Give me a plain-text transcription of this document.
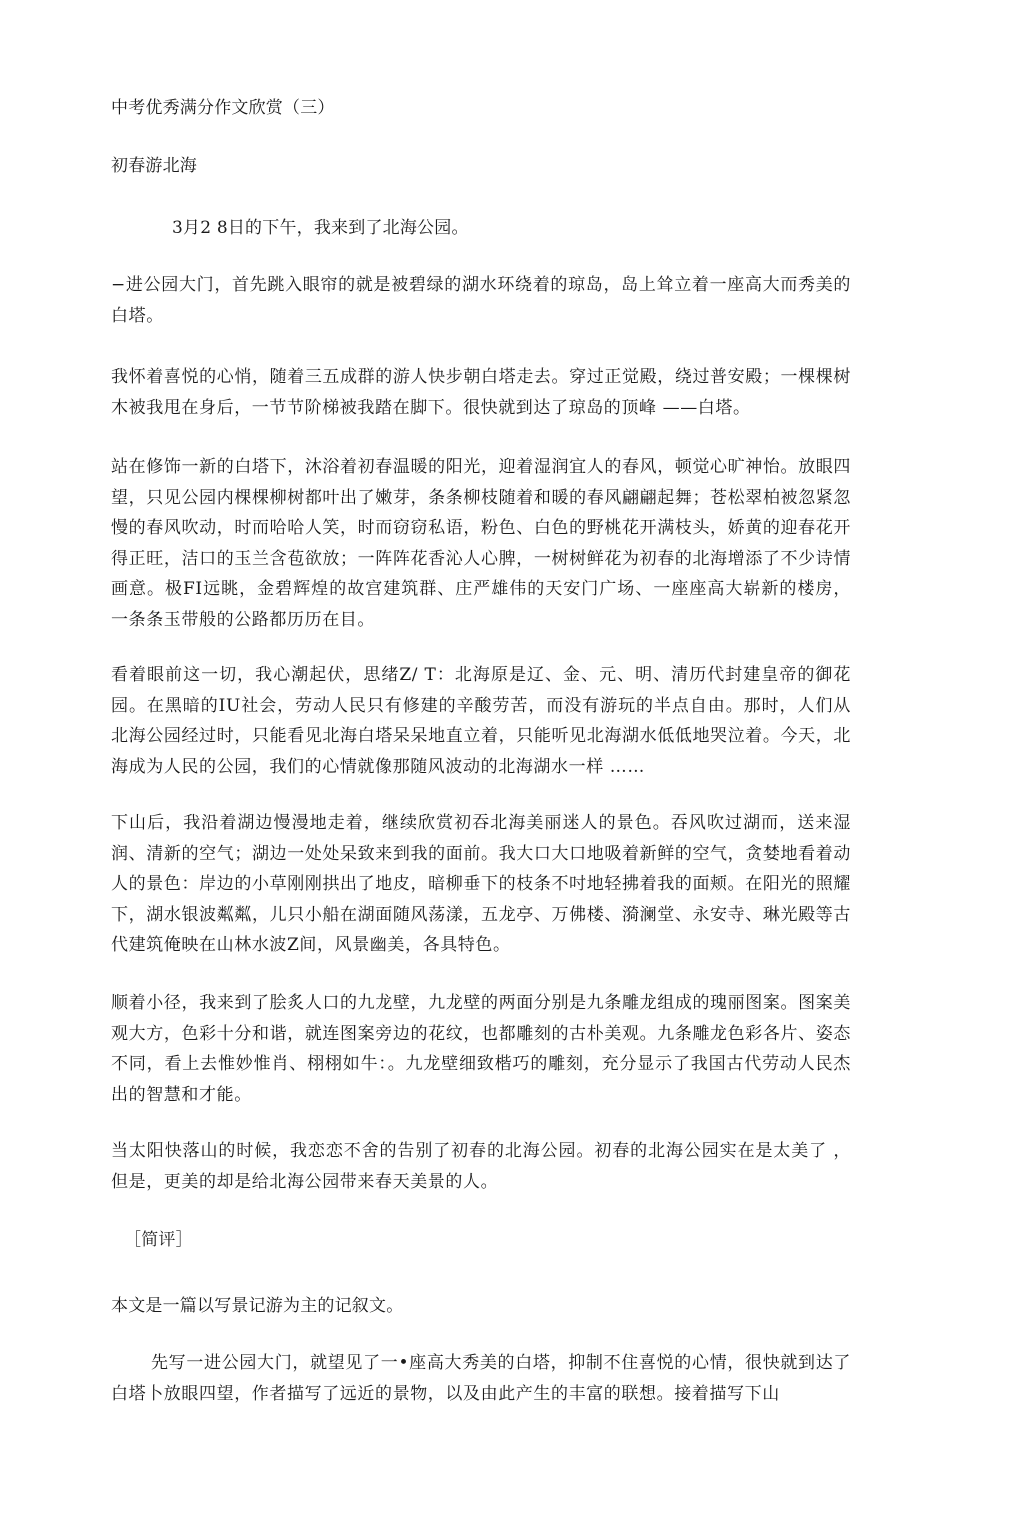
中考优秀满分作文欣赏（三）
初春游北海
3月2 8日的下午，我来到了北海公园。
−进公园大门，首先跳入眼帘的就是被碧绿的湖水环绕着的琼岛，岛上耸立着一座高大而秀美的白塔。
我怀着喜悦的心悄，随着三五成群的游人快步朝白塔走去。穿过正觉殿，绕过普安殿；一棵棵树木被我甩在身后，一节节阶梯被我踏在脚下。很快就到达了琼岛的顶峰 ——白塔。
站在修饰一新的白塔下，沐浴着初春温暖的阳光，迎着湿润宜人的春风，顿觉心旷神怡。放眼四望，只见公园内棵棵柳树都叶出了嫩芽，条条柳枝随着和暖的春风翩翩起舞；苍松翠柏被忽紧忽慢的春风吹动，时而哈哈人笑，时而窃窃私语，粉色、白色的野桃花开满枝头，娇黄的迎春花开得正旺，洁口的玉兰含苞欲放；一阵阵花香沁人心脾，一树树鲜花为初春的北海增添了不少诗情画意。极FI远眺，金碧辉煌的故宫建筑群、庄严雄伟的天安门广场、一座座高大崭新的楼房，一条条玉带般的公路都历历在目。
看着眼前这一切，我心潮起伏，思绪Z/ T：北海原是辽、金、元、明、清历代封建皇帝的御花园。在黑暗的IU社会，劳动人民只有修建的辛酸劳苦，而没有游玩的半点自由。那时，人们从北海公园经过时，只能看见北海白塔呆呆地直立着，只能听见北海湖水低低地哭泣着。今天，北海成为人民的公园，我们的心情就像那随风波动的北海湖水一样 ……
下山后，我沿着湖边慢漫地走着，继续欣赏初吞北海美丽迷人的景色。吞风吹过湖而，送来湿润、清新的空气；湖边一处处呆致来到我的面前。我大口大口地吸着新鲜的空气，贪婪地看着动人的景色：岸边的小草刚刚拱出了地皮，暗柳垂下的枝条不吋地轻拂着我的面颊。在阳光的照耀下，湖水银波粼粼，儿只小船在湖面随风荡漾，五龙亭、万佛楼、漪澜堂、永安寺、琳光殿等古代建筑俺映在山林水波Z间，风景幽美，各具特色。
顺着小径，我来到了脍炙人口的九龙壁，九龙壁的两面分别是九条雕龙组成的瑰丽图案。图案美观大方，色彩十分和谐，就连图案旁边的花纹，也都雕刻的古朴美观。九条雕龙色彩各片、姿态不同，看上去惟妙惟肖、栩栩如牛：。九龙壁细致楷巧的雕刻，充分显示了我国古代劳动人民杰出的智慧和才能。
当太阳快落山的时候，我恋恋不舍的告别了初春的北海公园。初春的北海公园实在是太美了 ，但是，更美的却是给北海公园带来春天美景的人。
［简评］
本文是一篇以写景记游为主的记叙文。
先写一进公园大门，就望见了一•座高大秀美的白塔，抑制不住喜悦的心情，很快就到达了白塔卜放眼四望，作者描写了远近的景物，以及由此产生的丰富的联想。接着描写下山
